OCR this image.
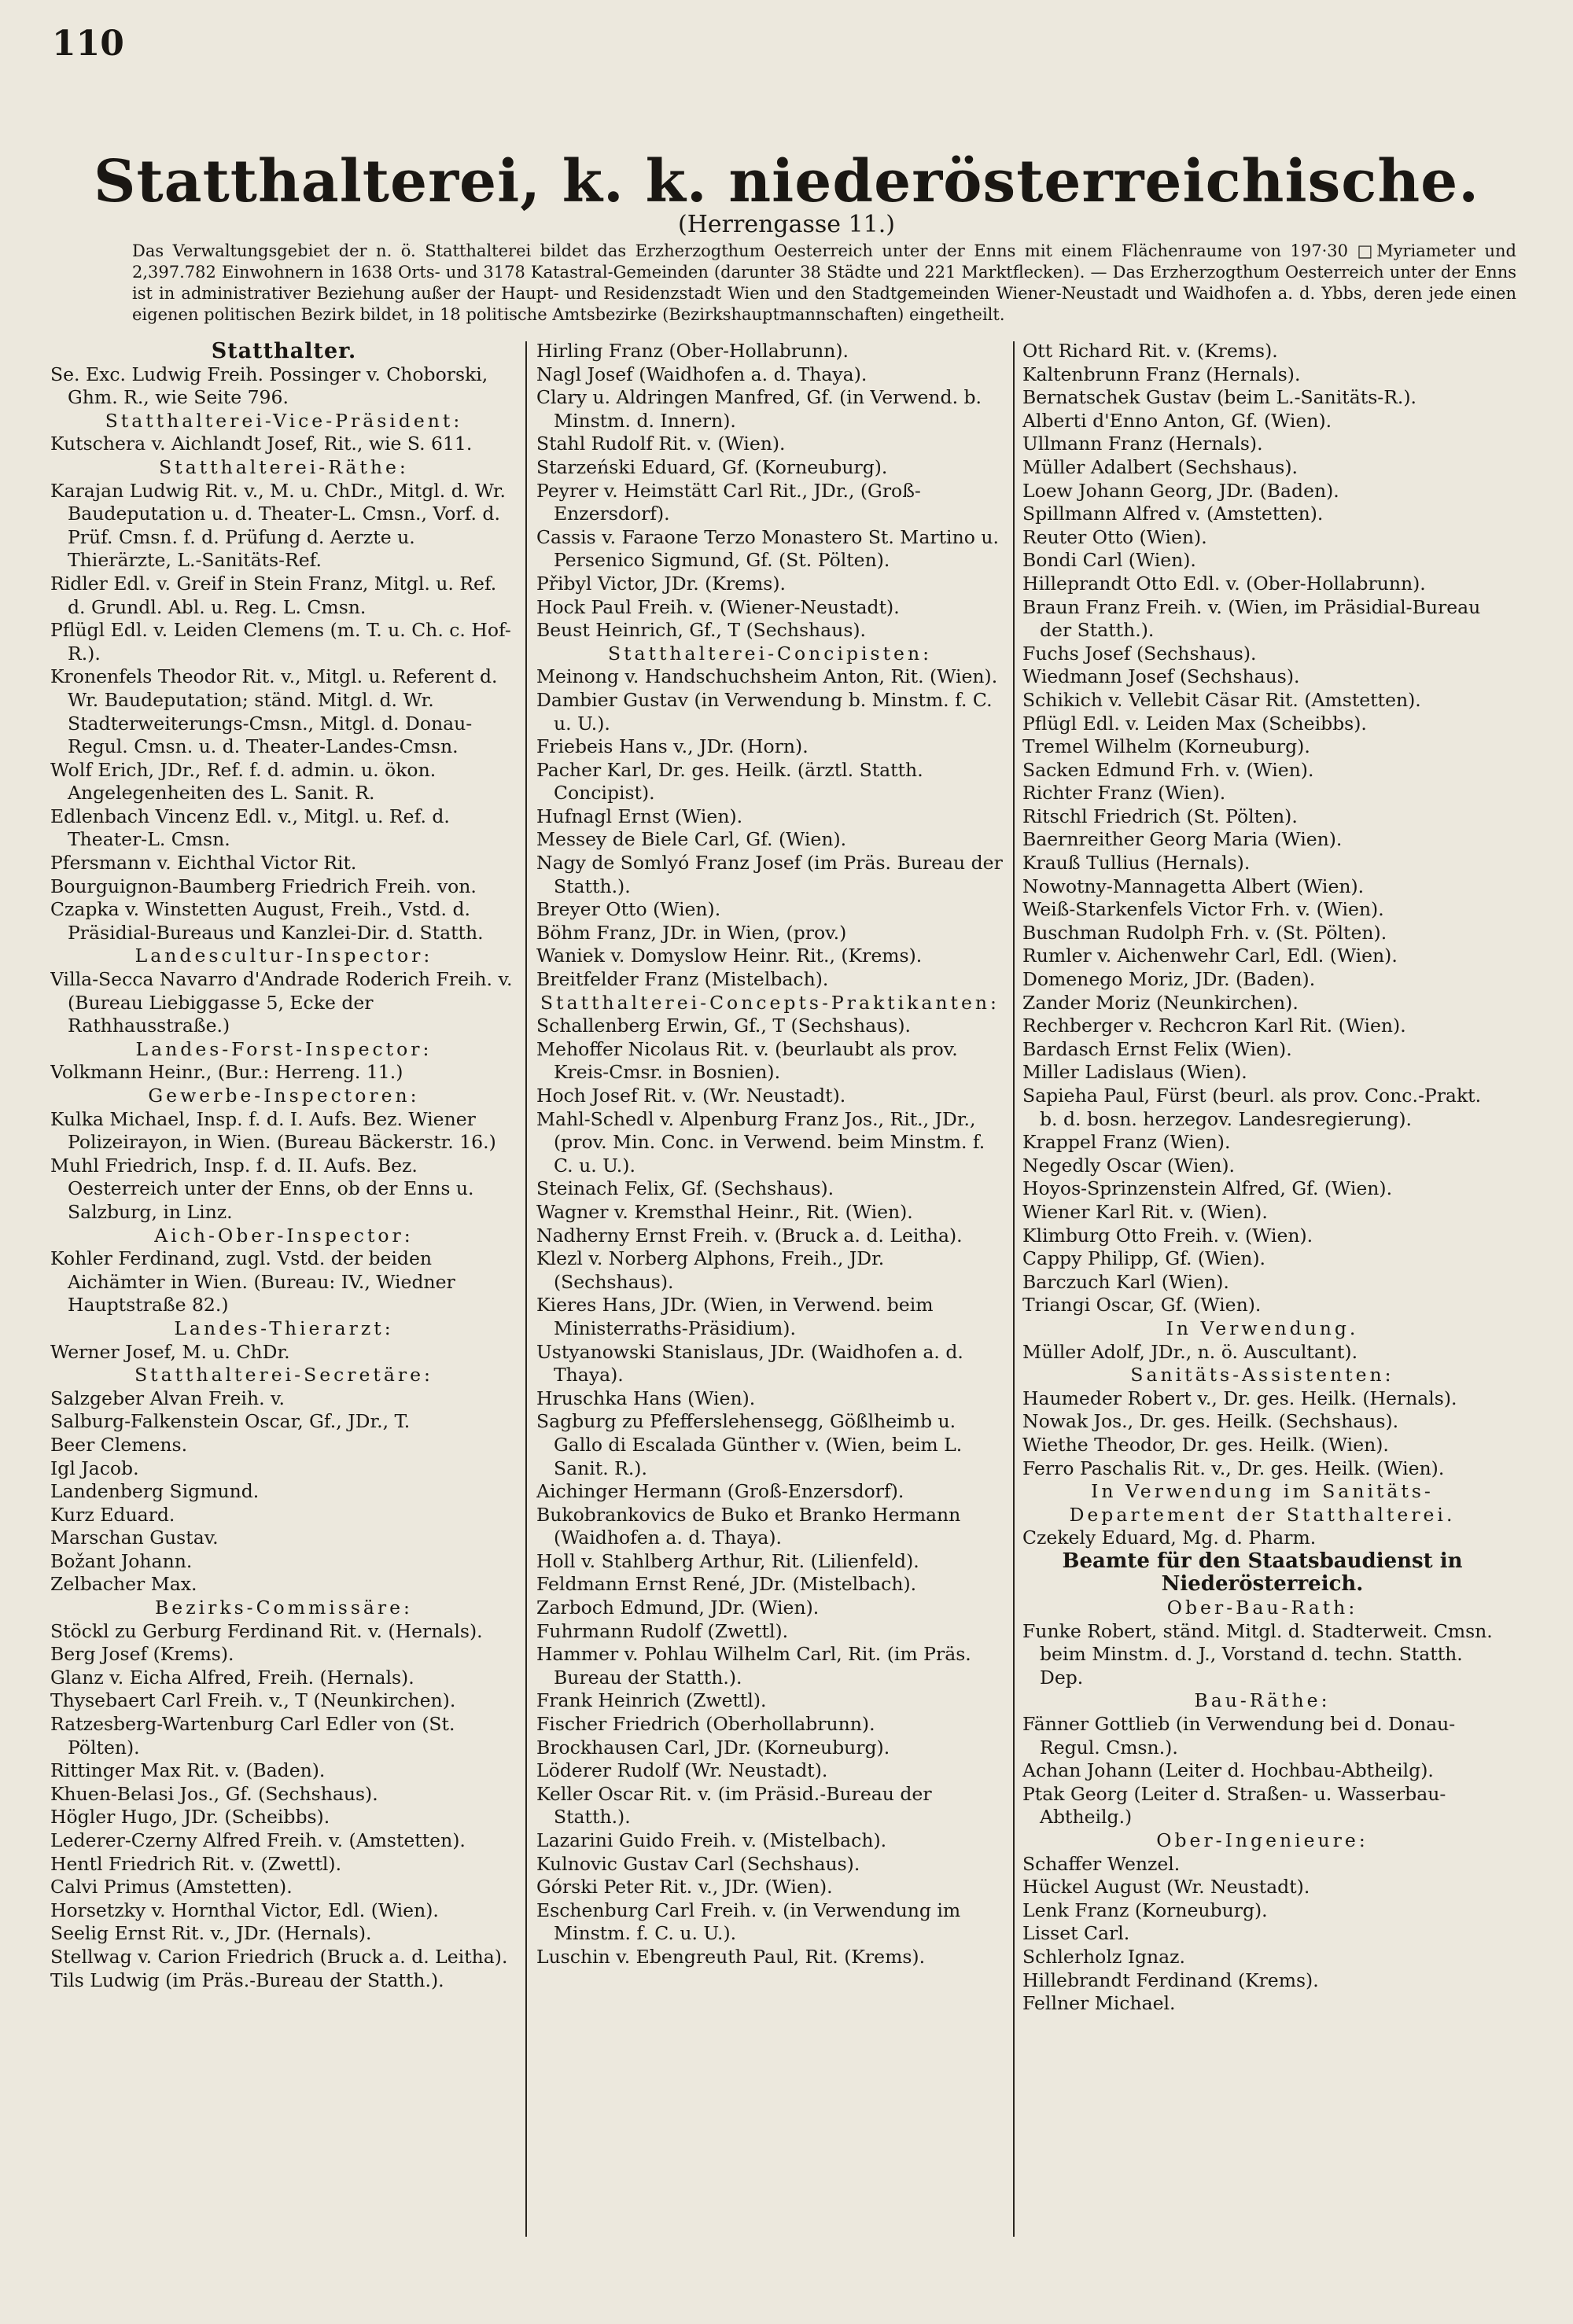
110
Statthalterei, k. k. niederösterreichische.
(Herrengasse 11.)
Das Verwaltungsgebiet der n. ö. Statthalterei bildet das Erzherzogthum Oesterreich unter der Enns mit einem Flächenraume von 197·30 □Myriameter und 2,397.782 Einwohnern in 1638 Orts- und 3178 Katastral-Gemeinden (darunter 38 Städte und 221 Marktflecken). — Das Erzherzogthum Oesterreich unter der Enns ist in administrativer Beziehung außer der Haupt- und Residenzstadt Wien und den Stadtgemeinden Wiener-Neustadt und Waidhofen a. d. Ybbs, deren jede einen eigenen politischen Bezirk bildet, in 18 politische Amtsbezirke (Bezirkshauptmannschaften) eingetheilt.

Statthalter.

Se. Exc. Ludwig Freih. Possinger v. Choborski, Ghm. R., wie Seite 796.

Statthalterei-Vice-Präsident:

Kutschera v. Aichlandt Josef, Rit., wie S. 611.

Statthalterei-Räthe:

Karajan Ludwig Rit. v., M. u. ChDr., Mitgl. d. Wr. Baudeputation u. d. Theater-L. Cmsn., Vorf. d. Prüf. Cmsn. f. d. Prüfung d. Aerzte u. Thierärzte, L.-Sanitäts-Ref.

Ridler Edl. v. Greif in Stein Franz, Mitgl. u. Ref. d. Grundl. Abl. u. Reg. L. Cmsn.

Pflügl Edl. v. Leiden Clemens (m. T. u. Ch. c. Hof-R.).

Kronenfels Theodor Rit. v., Mitgl. u. Referent d. Wr. Baudeputation; ständ. Mitgl. d. Wr. Stadterweiterungs-Cmsn., Mitgl. d. Donau-Regul. Cmsn. u. d. Theater-Landes-Cmsn.

Wolf Erich, JDr., Ref. f. d. admin. u. ökon. Angelegenheiten des L. Sanit. R.

Edlenbach Vincenz Edl. v., Mitgl. u. Ref. d. Theater-L. Cmsn.

Pfersmann v. Eichthal Victor Rit.

Bourguignon-Baumberg Friedrich Freih. von.

Czapka v. Winstetten August, Freih., Vstd. d. Präsidial-Bureaus und Kanzlei-Dir. d. Statth.

Landescultur-Inspector:

Villa-Secca Navarro d'Andrade Roderich Freih. v. (Bureau Liebiggasse 5, Ecke der Rathhausstraße.)

Landes-Forst-Inspector:

Volkmann Heinr., (Bur.: Herreng. 11.)

Gewerbe-Inspectoren:

Kulka Michael, Insp. f. d. I. Aufs. Bez. Wiener Polizeirayon, in Wien. (Bureau Bäckerstr. 16.)

Muhl Friedrich, Insp. f. d. II. Aufs. Bez. Oesterreich unter der Enns, ob der Enns u. Salzburg, in Linz.

Aich-Ober-Inspector:

Kohler Ferdinand, zugl. Vstd. der beiden Aichämter in Wien. (Bureau: IV., Wiedner Hauptstraße 82.)

Landes-Thierarzt:

Werner Josef, M. u. ChDr.

Statthalterei-Secretäre:

Salzgeber Alvan Freih. v.

Salburg-Falkenstein Oscar, Gf., JDr., T.

Beer Clemens.

Igl Jacob.

Landenberg Sigmund.

Kurz Eduard.

Marschan Gustav.

Božant Johann.

Zelbacher Max.

Bezirks-Commissäre:

Stöckl zu Gerburg Ferdinand Rit. v. (Hernals).

Berg Josef (Krems).

Glanz v. Eicha Alfred, Freih. (Hernals).

Thysebaert Carl Freih. v., T (Neunkirchen).

Ratzesberg-Wartenburg Carl Edler von (St. Pölten).

Rittinger Max Rit. v. (Baden).

Khuen-Belasi Jos., Gf. (Sechshaus).

Högler Hugo, JDr. (Scheibbs).

Lederer-Czerny Alfred Freih. v. (Amstetten).

Hentl Friedrich Rit. v. (Zwettl).

Calvi Primus (Amstetten).

Horsetzky v. Hornthal Victor, Edl. (Wien).

Seelig Ernst Rit. v., JDr. (Hernals).

Stellwag v. Carion Friedrich (Bruck a. d. Leitha).

Tils Ludwig (im Präs.-Bureau der Statth.).

Hirling Franz (Ober-Hollabrunn).

Nagl Josef (Waidhofen a. d. Thaya).

Clary u. Aldringen Manfred, Gf. (in Verwend. b. Minstm. d. Innern).

Stahl Rudolf Rit. v. (Wien).

Starzeński Eduard, Gf. (Korneuburg).

Peyrer v. Heimstätt Carl Rit., JDr., (Groß-Enzersdorf).

Cassis v. Faraone Terzo Monastero St. Martino u. Persenico Sigmund, Gf. (St. Pölten).

Přibyl Victor, JDr. (Krems).

Hock Paul Freih. v. (Wiener-Neustadt).

Beust Heinrich, Gf., T (Sechshaus).

Statthalterei-Concipisten:

Meinong v. Handschuchsheim Anton, Rit. (Wien).

Dambier Gustav (in Verwendung b. Minstm. f. C. u. U.).

Friebeis Hans v., JDr. (Horn).

Pacher Karl, Dr. ges. Heilk. (ärztl. Statth. Concipist).

Hufnagl Ernst (Wien).

Messey de Biele Carl, Gf. (Wien).

Nagy de Somlyó Franz Josef (im Präs. Bureau der Statth.).

Breyer Otto (Wien).

Böhm Franz, JDr. in Wien, (prov.)

Waniek v. Domyslow Heinr. Rit., (Krems).

Breitfelder Franz (Mistelbach).

Statthalterei-Concepts-Praktikanten:

Schallenberg Erwin, Gf., T (Sechshaus).

Mehoffer Nicolaus Rit. v. (beurlaubt als prov. Kreis-Cmsr. in Bosnien).

Hoch Josef Rit. v. (Wr. Neustadt).

Mahl-Schedl v. Alpenburg Franz Jos., Rit., JDr., (prov. Min. Conc. in Verwend. beim Minstm. f. C. u. U.).

Steinach Felix, Gf. (Sechshaus).

Wagner v. Kremsthal Heinr., Rit. (Wien).

Nadherny Ernst Freih. v. (Bruck a. d. Leitha).

Klezl v. Norberg Alphons, Freih., JDr. (Sechshaus).

Kieres Hans, JDr. (Wien, in Verwend. beim Ministerraths-Präsidium).

Ustyanowski Stanislaus, JDr. (Waidhofen a. d. Thaya).

Hruschka Hans (Wien).

Sagburg zu Pfefferslehensegg, Gößlheimb u. Gallo di Escalada Günther v. (Wien, beim L. Sanit. R.).

Aichinger Hermann (Groß-Enzersdorf).

Bukobrankovics de Buko et Branko Hermann (Waidhofen a. d. Thaya).

Holl v. Stahlberg Arthur, Rit. (Lilienfeld).

Feldmann Ernst René, JDr. (Mistelbach).

Zarboch Edmund, JDr. (Wien).

Fuhrmann Rudolf (Zwettl).

Hammer v. Pohlau Wilhelm Carl, Rit. (im Präs. Bureau der Statth.).

Frank Heinrich (Zwettl).

Fischer Friedrich (Oberhollabrunn).

Brockhausen Carl, JDr. (Korneuburg).

Löderer Rudolf (Wr. Neustadt).

Keller Oscar Rit. v. (im Präsid.-Bureau der Statth.).

Lazarini Guido Freih. v. (Mistelbach).

Kulnovic Gustav Carl (Sechshaus).

Górski Peter Rit. v., JDr. (Wien).

Eschenburg Carl Freih. v. (in Verwendung im Minstm. f. C. u. U.).

Luschin v. Ebengreuth Paul, Rit. (Krems).

Ott Richard Rit. v. (Krems).

Kaltenbrunn Franz (Hernals).

Bernatschek Gustav (beim L.-Sanitäts-R.).

Alberti d'Enno Anton, Gf. (Wien).

Ullmann Franz (Hernals).

Müller Adalbert (Sechshaus).

Loew Johann Georg, JDr. (Baden).

Spillmann Alfred v. (Amstetten).

Reuter Otto (Wien).

Bondi Carl (Wien).

Hilleprandt Otto Edl. v. (Ober-Hollabrunn).

Braun Franz Freih. v. (Wien, im Präsidial-Bureau der Statth.).

Fuchs Josef (Sechshaus).

Wiedmann Josef (Sechshaus).

Schikich v. Vellebit Cäsar Rit. (Amstetten).

Pflügl Edl. v. Leiden Max (Scheibbs).

Tremel Wilhelm (Korneuburg).

Sacken Edmund Frh. v. (Wien).

Richter Franz (Wien).

Ritschl Friedrich (St. Pölten).

Baernreither Georg Maria (Wien).

Krauß Tullius (Hernals).

Nowotny-Mannagetta Albert (Wien).

Weiß-Starkenfels Victor Frh. v. (Wien).

Buschman Rudolph Frh. v. (St. Pölten).

Rumler v. Aichenwehr Carl, Edl. (Wien).

Domenego Moriz, JDr. (Baden).

Zander Moriz (Neunkirchen).

Rechberger v. Rechcron Karl Rit. (Wien).

Bardasch Ernst Felix (Wien).

Miller Ladislaus (Wien).

Sapieha Paul, Fürst (beurl. als prov. Conc.-Prakt. b. d. bosn. herzegov. Landesregierung).

Krappel Franz (Wien).

Negedly Oscar (Wien).

Hoyos-Sprinzenstein Alfred, Gf. (Wien).

Wiener Karl Rit. v. (Wien).

Klimburg Otto Freih. v. (Wien).

Cappy Philipp, Gf. (Wien).

Barczuch Karl (Wien).

Triangi Oscar, Gf. (Wien).

In Verwendung.

Müller Adolf, JDr., n. ö. Auscultant).

Sanitäts-Assistenten:

Haumeder Robert v., Dr. ges. Heilk. (Hernals).

Nowak Jos., Dr. ges. Heilk. (Sechshaus).

Wiethe Theodor, Dr. ges. Heilk. (Wien).

Ferro Paschalis Rit. v., Dr. ges. Heilk. (Wien).

In Verwendung im Sanitäts-Departement der Statthalterei.

Czekely Eduard, Mg. d. Pharm.

Beamte für den Staatsbaudienst in Niederösterreich.

Ober-Bau-Rath:

Funke Robert, ständ. Mitgl. d. Stadterweit. Cmsn. beim Minstm. d. J., Vorstand d. techn. Statth. Dep.

Bau-Räthe:

Fänner Gottlieb (in Verwendung bei d. Donau-Regul. Cmsn.).

Achan Johann (Leiter d. Hochbau-Abtheilg).

Ptak Georg (Leiter d. Straßen- u. Wasserbau-Abtheilg.)

Ober-Ingenieure:

Schaffer Wenzel.

Hückel August (Wr. Neustadt).

Lenk Franz (Korneuburg).

Lisset Carl.

Schlerholz Ignaz.

Hillebrandt Ferdinand (Krems).

Fellner Michael.
